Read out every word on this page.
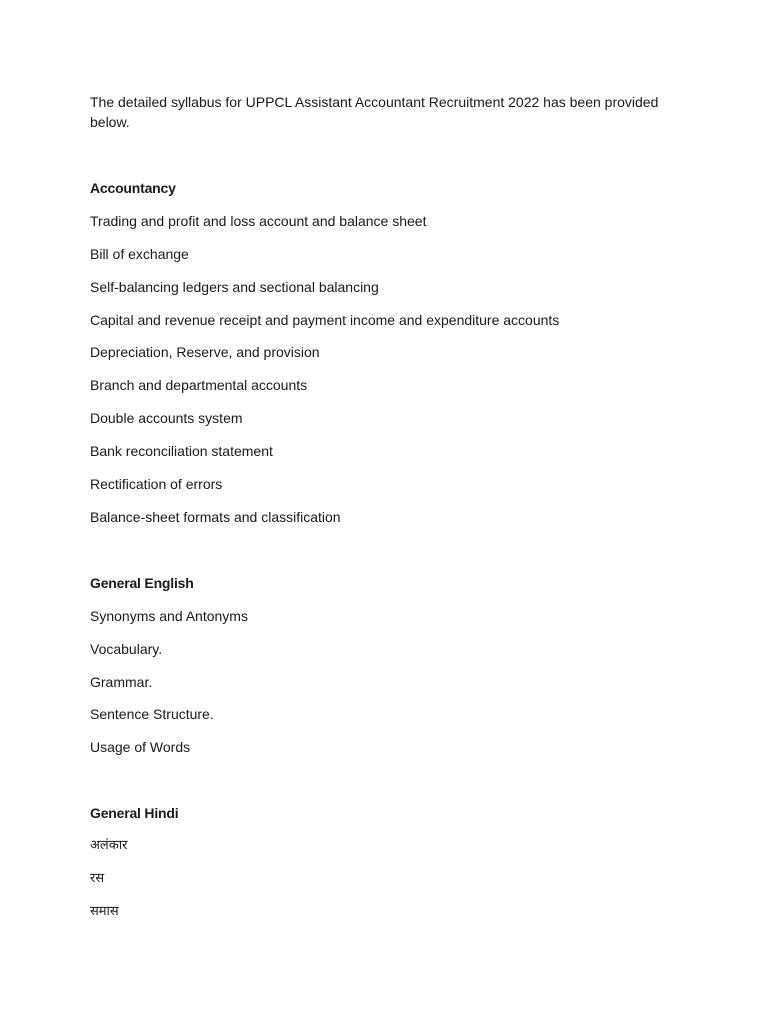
The detailed syllabus for UPPCL Assistant Accountant Recruitment 2022 has been provided below.

Accountancy

Trading and profit and loss account and balance sheet
Bill of exchange
Self-balancing ledgers and sectional balancing
Capital and revenue receipt and payment income and expenditure accounts
Depreciation, Reserve, and provision
Branch and departmental accounts
Double accounts system
Bank reconciliation statement
Rectification of errors
Balance-sheet formats and classification

General English

Synonyms and Antonyms
Vocabulary.
Grammar.
Sentence Structure.
Usage of Words

General Hindi

अलंकार
रस
समास
